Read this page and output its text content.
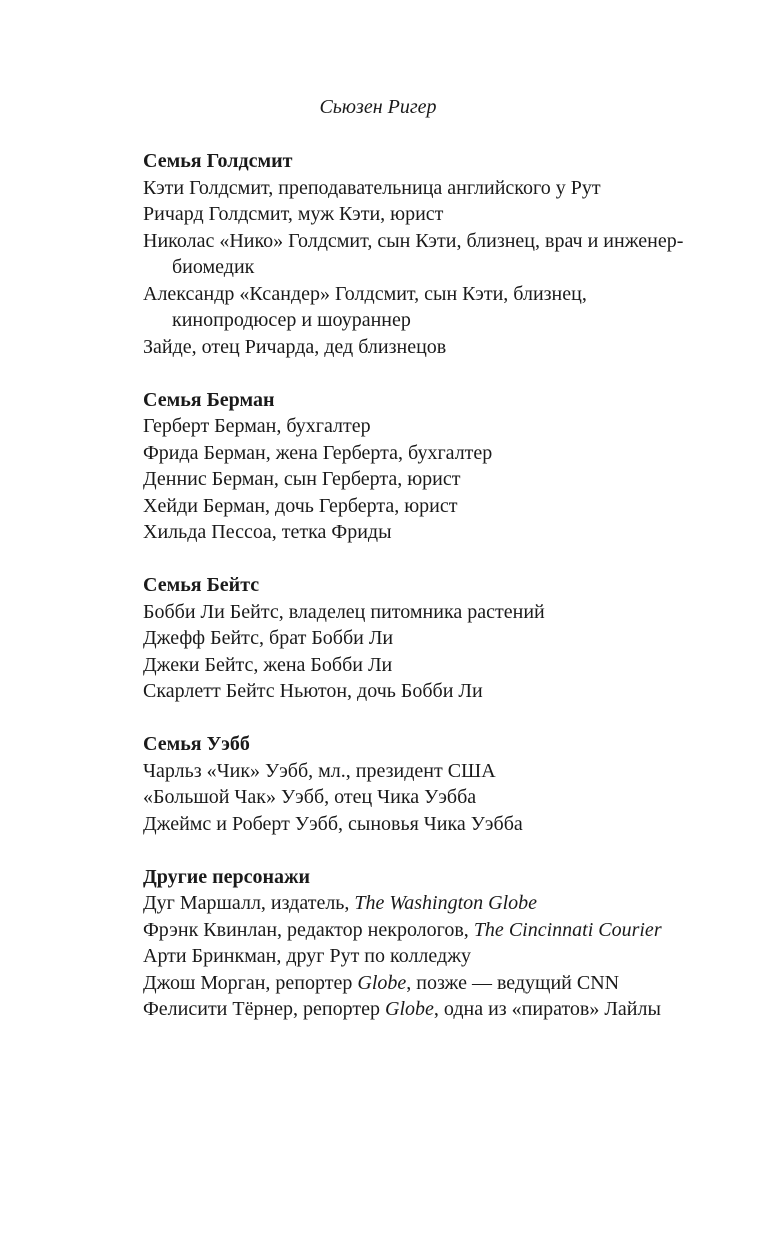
Сьюзен Ригер

Семья Голдсмит

Кэти Голдсмит, преподавательница английского у Рут

Ричард Голдсмит, муж Кэти, юрист

Николас «Нико» Голдсмит, сын Кэти, близнец, врач и инженер-биомедик

Александр «Ксандер» Голдсмит, сын Кэти, близнец, кинопродюсер и шоураннер

Зайде, отец Ричарда, дед близнецов

Семья Берман

Герберт Берман, бухгалтер

Фрида Берман, жена Герберта, бухгалтер

Деннис Берман, сын Герберта, юрист

Хейди Берман, дочь Герберта, юрист

Хильда Пессоа, тетка Фриды

Семья Бейтс

Бобби Ли Бейтс, владелец питомника растений

Джефф Бейтс, брат Бобби Ли

Джеки Бейтс, жена Бобби Ли

Скарлетт Бейтс Ньютон, дочь Бобби Ли

Семья Уэбб

Чарльз «Чик» Уэбб, мл., президент США

«Большой Чак» Уэбб, отец Чика Уэбба

Джеймс и Роберт Уэбб, сыновья Чика Уэбба

Другие персонажи

Дуг Маршалл, издатель, The Washington Globe

Фрэнк Квинлан, редактор некрологов, The Cincinnati Courier

Арти Бринкман, друг Рут по колледжу

Джош Морган, репортер Globe, позже — ведущий CNN

Фелисити Тёрнер, репортер Globe, одна из «пиратов» Лайлы
